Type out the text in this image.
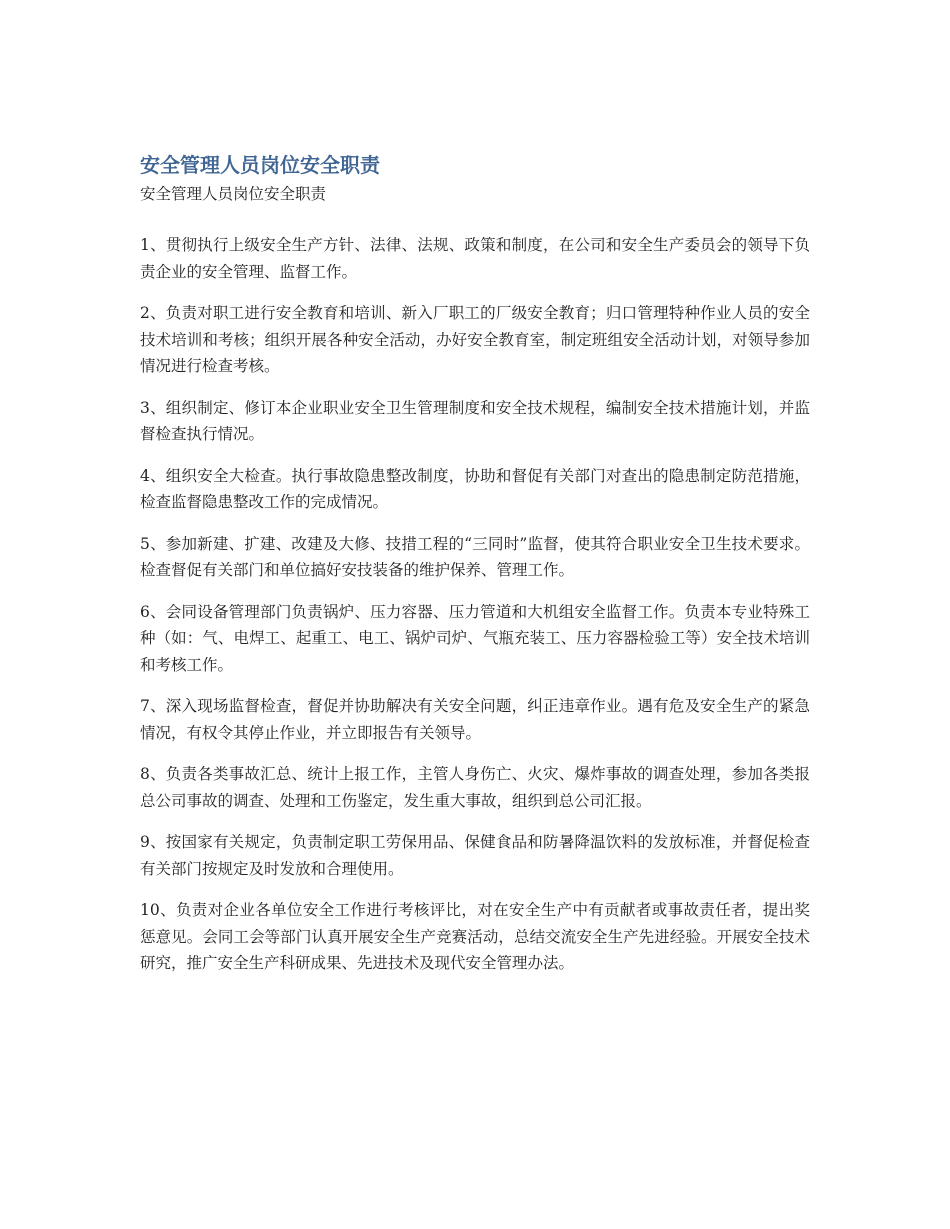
安全管理人员岗位安全职责

安全管理人员岗位安全职责

1、贯彻执行上级安全生产方针、法律、法规、政策和制度，在公司和安全生产委员会的领导下负责企业的安全管理、监督工作。

2、负责对职工进行安全教育和培训、新入厂职工的厂级安全教育；归口管理特种作业人员的安全技术培训和考核；组织开展各种安全活动，办好安全教育室，制定班组安全活动计划，对领导参加情况进行检查考核。

3、组织制定、修订本企业职业安全卫生管理制度和安全技术规程，编制安全技术措施计划，并监督检查执行情况。

4、组织安全大检查。执行事故隐患整改制度，协助和督促有关部门对查出的隐患制定防范措施，检查监督隐患整改工作的完成情况。

5、参加新建、扩建、改建及大修、技措工程的“三同时”监督，使其符合职业安全卫生技术要求。检查督促有关部门和单位搞好安技装备的维护保养、管理工作。

6、会同设备管理部门负责锅炉、压力容器、压力管道和大机组安全监督工作。负责本专业特殊工种（如：气、电焊工、起重工、电工、锅炉司炉、气瓶充装工、压力容器检验工等）安全技术培训和考核工作。

7、深入现场监督检查，督促并协助解决有关安全问题，纠正违章作业。遇有危及安全生产的紧急情况，有权令其停止作业，并立即报告有关领导。

8、负责各类事故汇总、统计上报工作，主管人身伤亡、火灾、爆炸事故的调查处理，参加各类报总公司事故的调查、处理和工伤鉴定，发生重大事故，组织到总公司汇报。

9、按国家有关规定，负责制定职工劳保用品、保健食品和防暑降温饮料的发放标准，并督促检查有关部门按规定及时发放和合理使用。

10、负责对企业各单位安全工作进行考核评比，对在安全生产中有贡献者或事故责任者，提出奖惩意见。会同工会等部门认真开展安全生产竞赛活动，总结交流安全生产先进经验。开展安全技术研究，推广安全生产科研成果、先进技术及现代安全管理办法。
